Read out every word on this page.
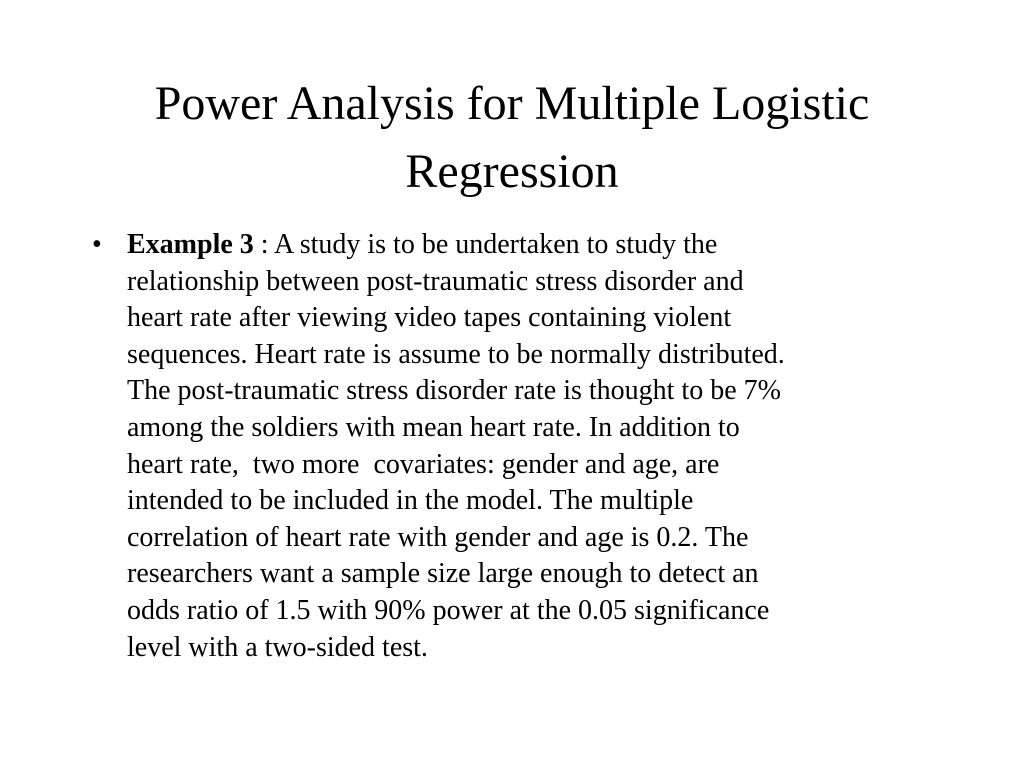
Power Analysis for Multiple Logistic
Regression
• Example 3 : A study is to be undertaken to study the
relationship between post-traumatic stress disorder and
heart rate after viewing video tapes containing violent
sequences. Heart rate is assume to be normally distributed.
The post-traumatic stress disorder rate is thought to be 7%
among the soldiers with mean heart rate. In addition to
heart rate,  two more  covariates: gender and age, are
intended to be included in the model. The multiple
correlation of heart rate with gender and age is 0.2. The
researchers want a sample size large enough to detect an
odds ratio of 1.5 with 90% power at the 0.05 significance
level with a two-sided test.
